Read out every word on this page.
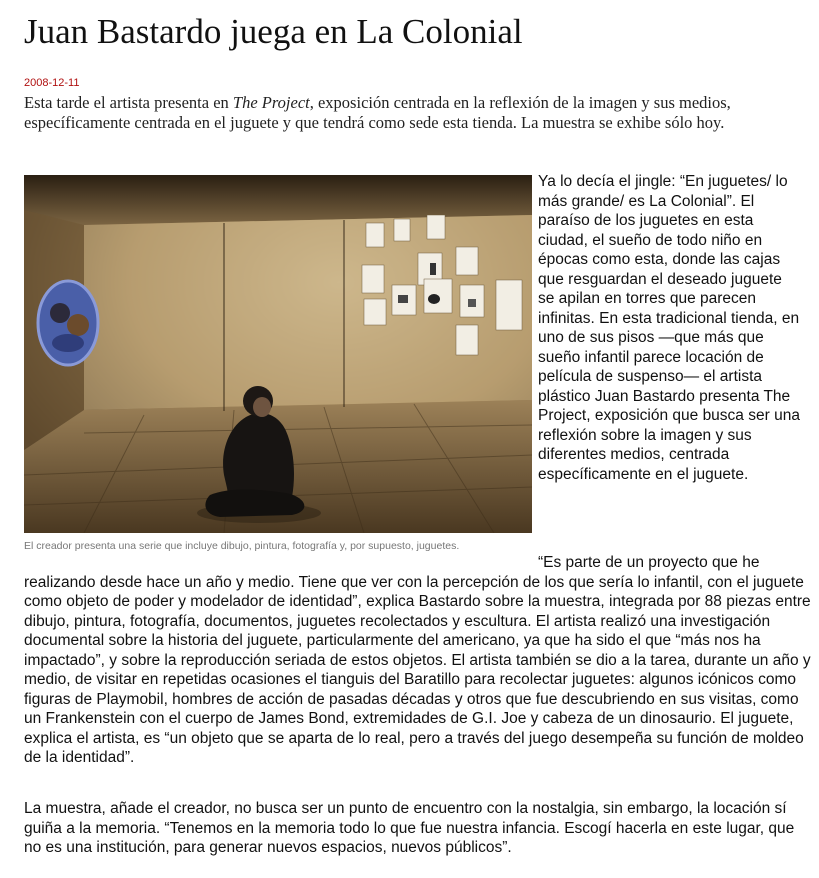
Juan Bastardo juega en La Colonial
2008-12-11

Esta tarde el artista presenta en The Project, exposición centrada en la reflexión de la imagen y sus medios, específicamente centrada en el juguete y que tendrá como sede esta tienda. La muestra se exhibe sólo hoy.

El creador presenta una serie que incluye dibujo, pintura, fotografía y, por supuesto, juguetes.

Ya lo decía el jingle: “En juguetes/ lo más grande/ es La Colonial”. El paraíso de los juguetes en esta ciudad, el sueño de todo niño en épocas como esta, donde las cajas que resguardan el deseado juguete se apilan en torres que parecen infinitas. En esta tradicional tienda, en uno de sus pisos —que más que sueño infantil parece locación de película de suspenso— el artista plástico Juan Bastardo presenta The Project, exposición que busca ser una reflexión sobre la imagen y sus diferentes medios, centrada específicamente en el juguete.

“Es parte de un proyecto que he realizando desde hace un año y medio. Tiene que ver con la percepción de los que sería lo infantil, con el juguete como objeto de poder y modelador de identidad”, explica Bastardo sobre la muestra, integrada por 88 piezas entre dibujo, pintura, fotografía, documentos, juguetes recolectados y escultura. El artista realizó una investigación documental sobre la historia del juguete, particularmente del americano, ya que ha sido el que “más nos ha impactado”, y sobre la reproducción seriada de estos objetos. El artista también se dio a la tarea, durante un año y medio, de visitar en repetidas ocasiones el tianguis del Baratillo para recolectar juguetes: algunos icónicos como figuras de Playmobil, hombres de acción de pasadas décadas y otros que fue descubriendo en sus visitas, como un Frankenstein con el cuerpo de James Bond, extremidades de G.I. Joe y cabeza de un dinosaurio. El juguete, explica el artista, es “un objeto que se aparta de lo real, pero a través del juego desempeña su función de moldeo de la identidad”.

La muestra, añade el creador, no busca ser un punto de encuentro con la nostalgia, sin embargo, la locación sí guiña a la memoria. “Tenemos en la memoria todo lo que fue nuestra infancia. Escogí hacerla en este lugar, que no es una institución, para generar nuevos espacios, nuevos públicos”.
